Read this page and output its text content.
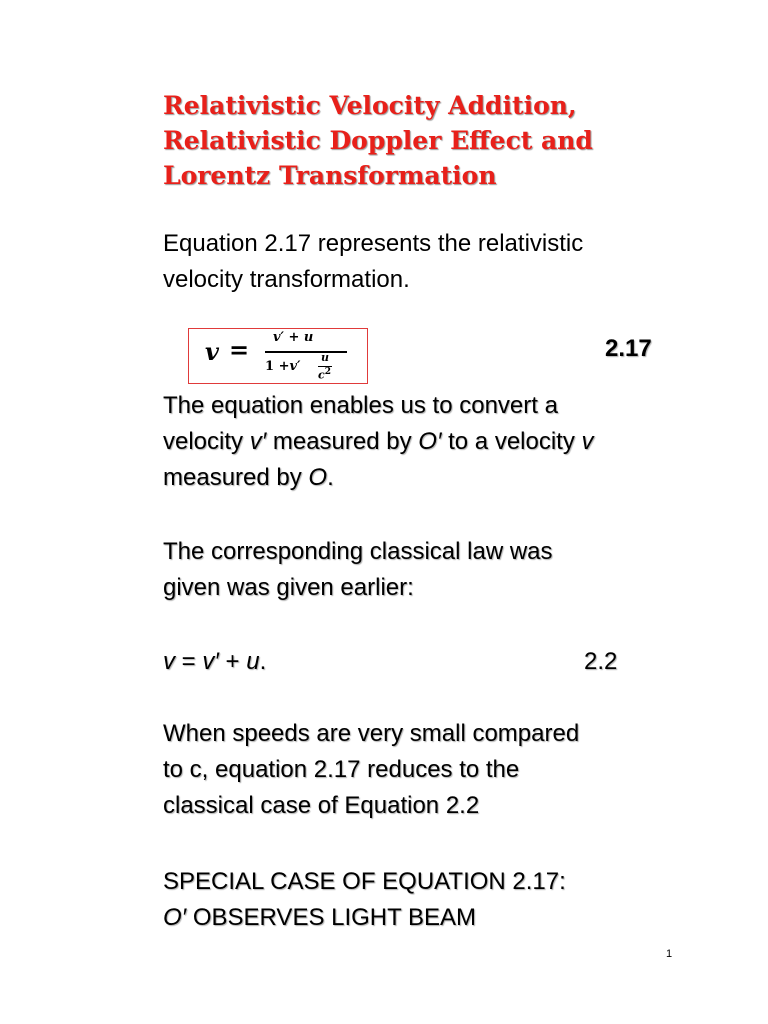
Relativistic Velocity Addition,
Relativistic Doppler Effect and
Lorentz Transformation

Equation 2.17 represents the relativistic
velocity transformation.

v = v′ + u
1 +v′
u
$c^2$
2.17

The equation enables us to convert a
velocity v′ measured by O′ to a velocity v
measured by O.

The corresponding classical law was
given was given earlier:

v = v′ + u.	2.2

When speeds are very small compared
to c, equation 2.17 reduces to the
classical case of Equation 2.2

SPECIAL CASE OF EQUATION 2.17:
O′ OBSERVES LIGHT BEAM

1
